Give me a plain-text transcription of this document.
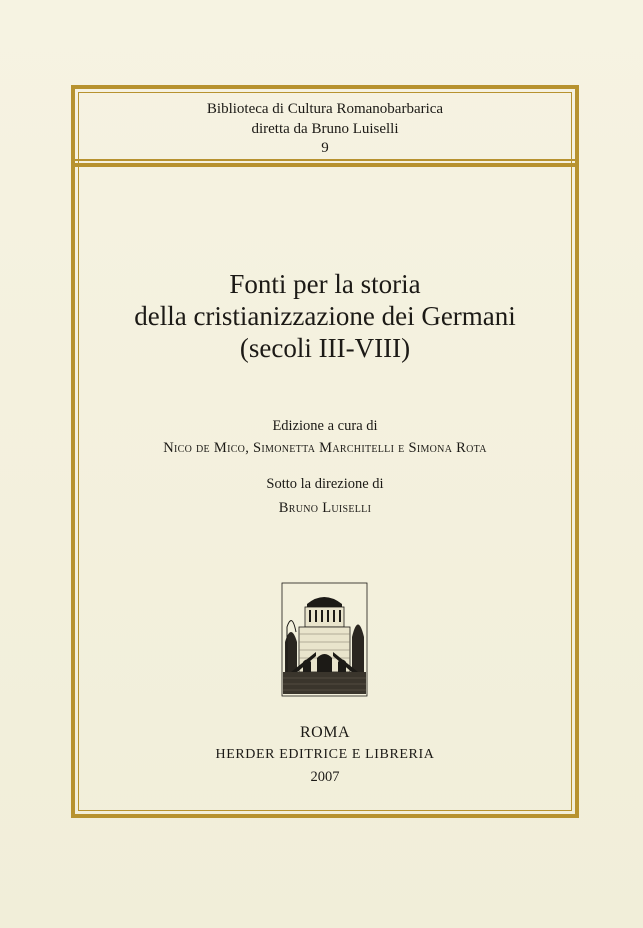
Biblioteca di Cultura Romanobarbarica
diretta da Bruno Luiselli
9
Fonti per la storia
della cristianizzazione dei Germani
(secoli III-VIII)
Edizione a cura di
Nico de Mico, Simonetta Marchitelli e Simona Rota
Sotto la direzione di
Bruno Luiselli
ROMA
HERDER EDITRICE E LIBRERIA
2007
